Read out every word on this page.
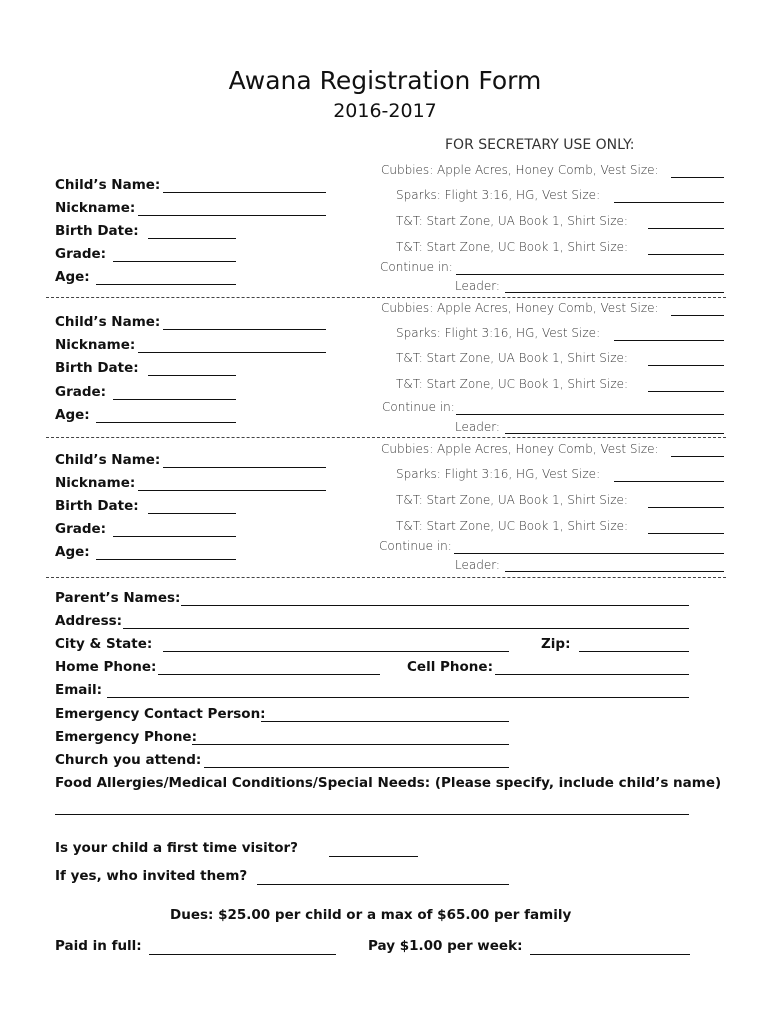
Awana Registration Form
2016-2017
FOR SECRETARY USE ONLY:
Child’s Name:
Nickname:
Birth Date:
Grade:
Age:
Cubbies: Apple Acres, Honey Comb, Vest Size:
Sparks: Flight 3:16, HG, Vest Size:
T&T: Start Zone, UA Book 1, Shirt Size:
T&T: Start Zone, UC Book 1, Shirt Size:
Continue in:
Leader:
Child’s Name:
Nickname:
Birth Date:
Grade:
Age:
Cubbies: Apple Acres, Honey Comb, Vest Size:
Sparks: Flight 3:16, HG, Vest Size:
T&T: Start Zone, UA Book 1, Shirt Size:
T&T: Start Zone, UC Book 1, Shirt Size:
Continue in:
Leader:
Child’s Name:
Nickname:
Birth Date:
Grade:
Age:
Cubbies: Apple Acres, Honey Comb, Vest Size:
Sparks: Flight 3:16, HG, Vest Size:
T&T: Start Zone, UA Book 1, Shirt Size:
T&T: Start Zone, UC Book 1, Shirt Size:
Continue in:
Leader:
Parent’s Names:
Address:
City & State:	Zip:
Home Phone:	Cell Phone:
Email:
Emergency Contact Person:
Emergency Phone:
Church you attend:
Food Allergies/Medical Conditions/Special Needs: (Please specify, include child’s name)
Is your child a first time visitor?
If yes, who invited them?
Dues: $25.00 per child or a max of $65.00 per family
Paid in full:	Pay $1.00 per week:
